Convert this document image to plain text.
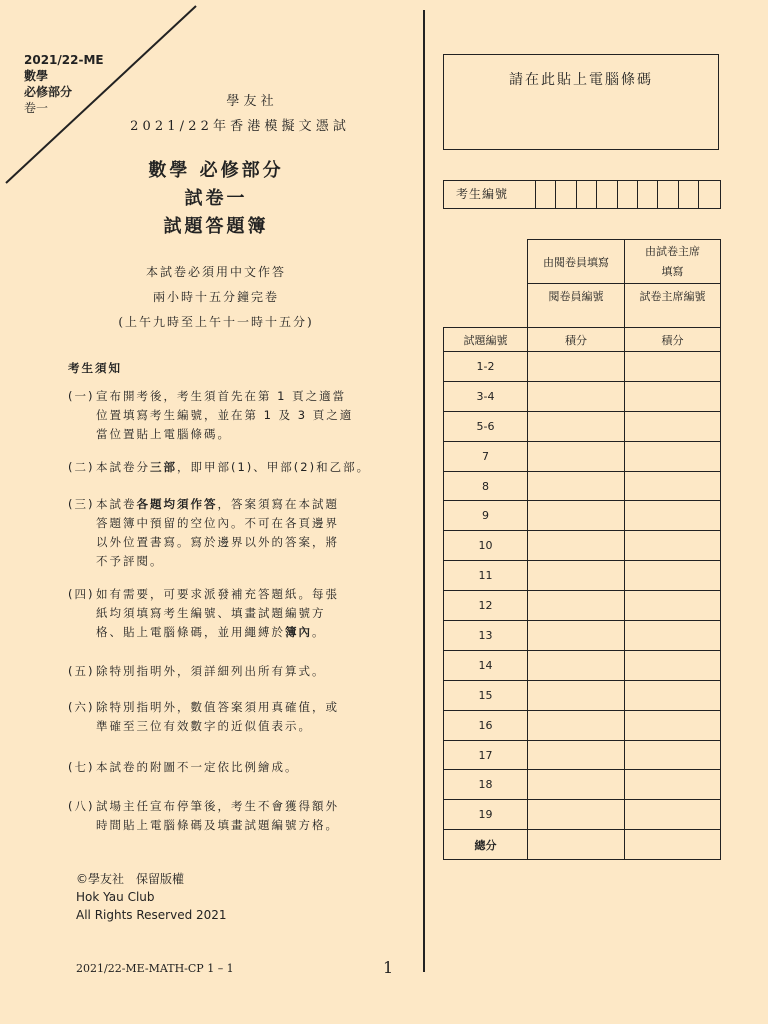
2021/22-ME
數學
必修部分
卷一	學 友 社
2 0 2 1 / 2 2 年 香 港 模 擬 文 憑 試
數學 必修部分
試卷一
試題答題簿
本試卷必須用中文作答
兩小時十五分鐘完卷
(上午九時至上午十一時十五分)
考生須知
(一) 宣布開考後，考生須首先在第 1 頁之適當
位置填寫考生編號，並在第 1 及 3 頁之適
當位置貼上電腦條碼。
(二) 本試卷分三部，即甲部(1)、甲部(2)和乙部。
(三) 本試卷各題均須作答，答案須寫在本試題
答題簿中預留的空位內。不可在各頁邊界
以外位置書寫。寫於邊界以外的答案，將
不予評閱。
(四) 如有需要，可要求派發補充答題紙。每張
紙均須填寫考生編號、填畫試題編號方
格、貼上電腦條碼，並用繩縛於簿內。
(五) 除特別指明外，須詳細列出所有算式。
(六) 除特別指明外，數值答案須用真確值，或
準確至三位有效數字的近似值表示。
(七) 本試卷的附圖不一定依比例繪成。
(八) 試場主任宣布停筆後，考生不會獲得額外
時間貼上電腦條碼及填畫試題編號方格。
©學友社　保留版權
Hok Yau Club
All Rights Reserved 2021
2021/22-ME-MATH-CP 1 – 1	1
請在此貼上電腦條碼
考生編號
	由閱卷員填寫	由試卷主席
填寫
	閱卷員編號	試卷主席編號
試題編號	積分	積分
1-2		
3-4		
5-6		
7		
8		
9		
10		
11		
12		
13		
14		
15		
16		
17		
18		
19		
總分		
